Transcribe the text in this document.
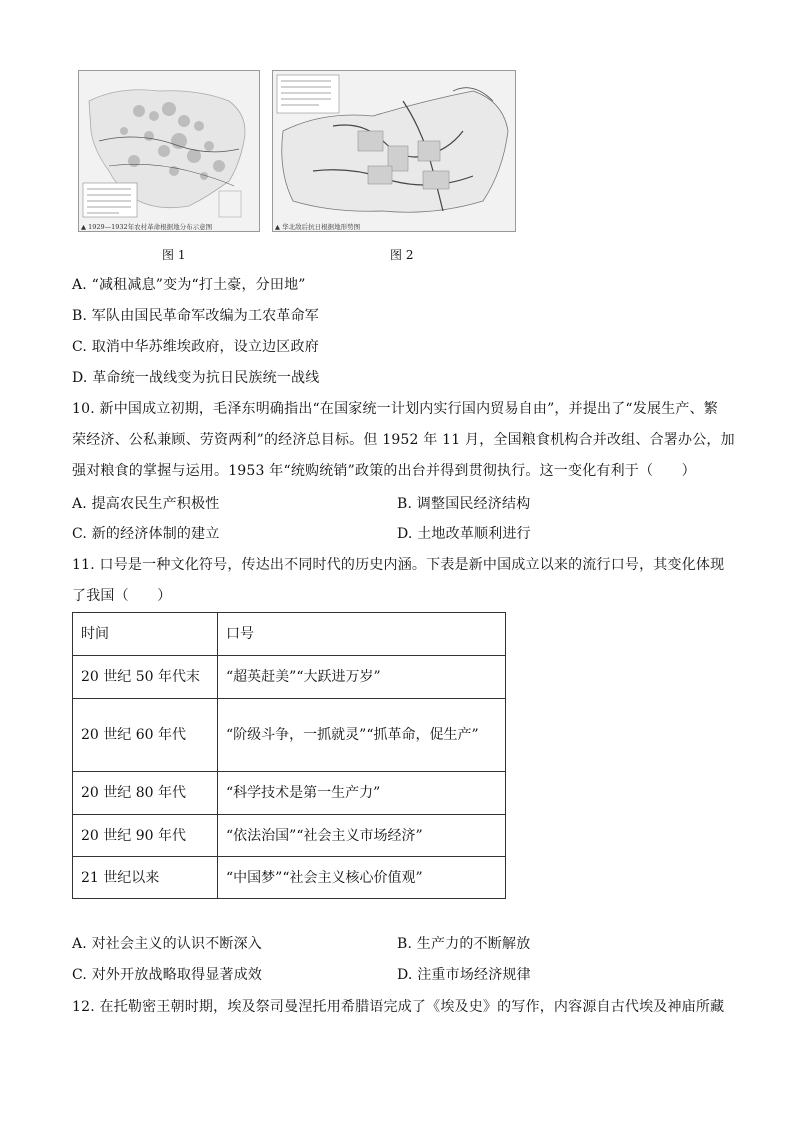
▲ 1929—1932年农村革命根据地分布示意图
图 1
▲ 华北敌后抗日根据地形势图
图 2
A. “减租减息”变为“打土豪，分田地”
B. 军队由国民革命军改编为工农革命军
C. 取消中华苏维埃政府，设立边区政府
D. 革命统一战线变为抗日民族统一战线
10. 新中国成立初期，毛泽东明确指出“在国家统一计划内实行国内贸易自由”，并提出了“发展生产、繁
荣经济、公私兼顾、劳资两利”的经济总目标。但 1952 年 11 月，全国粮食机构合并改组、合署办公，加
强对粮食的掌握与运用。1953 年“统购统销”政策的出台并得到贯彻执行。这一变化有利于（　　）
A. 提高农民生产积极性	B. 调整国民经济结构
C. 新的经济体制的建立	D. 土地改革顺利进行
11. 口号是一种文化符号，传达出不同时代的历史内涵。下表是新中国成立以来的流行口号，其变化体现
了我国（　　）
时间	口号
20 世纪 50 年代末	“超英赶美”“大跃进万岁”
20 世纪 60 年代	“阶级斗争，一抓就灵”“抓革命，促生产”
20 世纪 80 年代	“科学技术是第一生产力”
20 世纪 90 年代	“依法治国”“社会主义市场经济”
21 世纪以来	“中国梦”“社会主义核心价值观”
A. 对社会主义的认识不断深入	B. 生产力的不断解放
C. 对外开放战略取得显著成效	D. 注重市场经济规律
12. 在托勒密王朝时期，埃及祭司曼涅托用希腊语完成了《埃及史》的写作，内容源自古代埃及神庙所藏
